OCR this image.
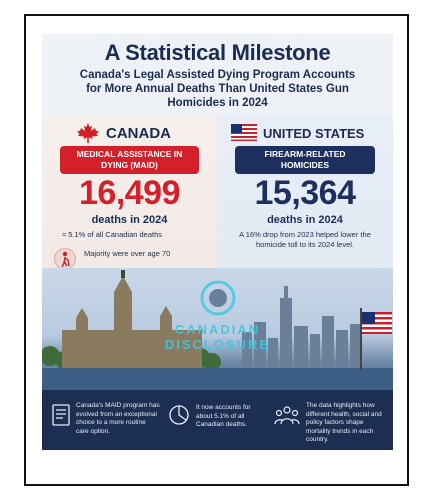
A Statistical Milestone
Canada's Legal Assisted Dying Program Accounts for More Annual Deaths Than United States Gun Homicides in 2024
CANADA
MEDICAL ASSISTANCE IN DYING (MAID)
16,499
deaths in 2024
≈ 5.1% of all Canadian deaths
Majority were over age 70
UNITED STATES
FIREARM-RELATED HOMICIDES
15,364
deaths in 2024
A 16% drop from 2023 helped lower the homicide toll to its 2024 level.
CANADIAN
DISCLOSURE
Canada's MAID program has evolved from an exceptional choice to a more routine care option.
It now accounts for about 5.1% of all Canadian deaths.
The data highlights how different health, social and policy factors shape mortality trends in each country.
